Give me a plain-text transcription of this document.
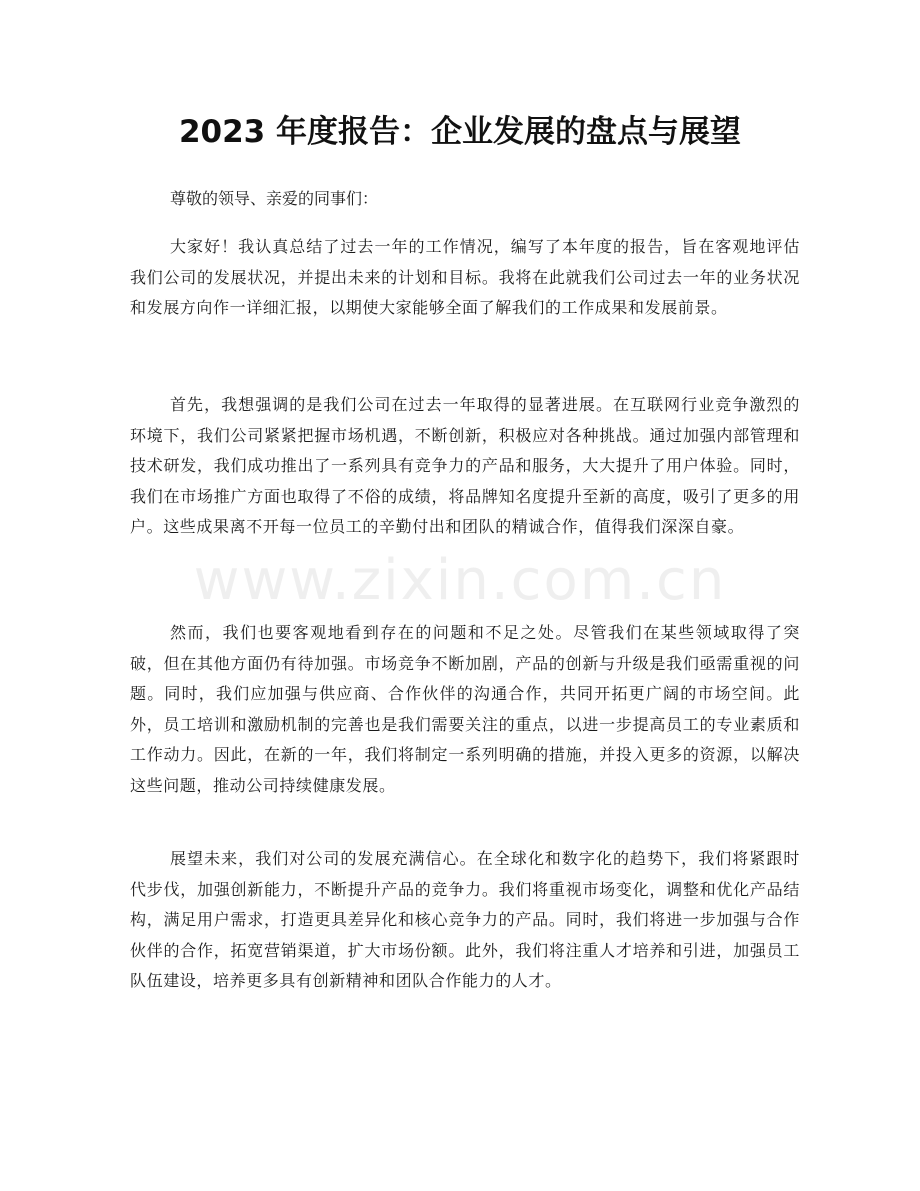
2023 年度报告：企业发展的盘点与展望

尊敬的领导、亲爱的同事们：

大家好！我认真总结了过去一年的工作情况，编写了本年度的报告，旨在客观地评估我们公司的发展状况，并提出未来的计划和目标。我将在此就我们公司过去一年的业务状况和发展方向作一详细汇报，以期使大家能够全面了解我们的工作成果和发展前景。

首先，我想强调的是我们公司在过去一年取得的显著进展。在互联网行业竞争激烈的环境下，我们公司紧紧把握市场机遇，不断创新，积极应对各种挑战。通过加强内部管理和技术研发，我们成功推出了一系列具有竞争力的产品和服务，大大提升了用户体验。同时，我们在市场推广方面也取得了不俗的成绩，将品牌知名度提升至新的高度，吸引了更多的用户。这些成果离不开每一位员工的辛勤付出和团队的精诚合作，值得我们深深自豪。

然而，我们也要客观地看到存在的问题和不足之处。尽管我们在某些领域取得了突破，但在其他方面仍有待加强。市场竞争不断加剧，产品的创新与升级是我们亟需重视的问题。同时，我们应加强与供应商、合作伙伴的沟通合作，共同开拓更广阔的市场空间。此外，员工培训和激励机制的完善也是我们需要关注的重点，以进一步提高员工的专业素质和工作动力。因此，在新的一年，我们将制定一系列明确的措施，并投入更多的资源，以解决这些问题，推动公司持续健康发展。

展望未来，我们对公司的发展充满信心。在全球化和数字化的趋势下，我们将紧跟时代步伐，加强创新能力，不断提升产品的竞争力。我们将重视市场变化，调整和优化产品结构，满足用户需求，打造更具差异化和核心竞争力的产品。同时，我们将进一步加强与合作伙伴的合作，拓宽营销渠道，扩大市场份额。此外，我们将注重人才培养和引进，加强员工队伍建设，培养更多具有创新精神和团队合作能力的人才。

www.zixin.com.cn
